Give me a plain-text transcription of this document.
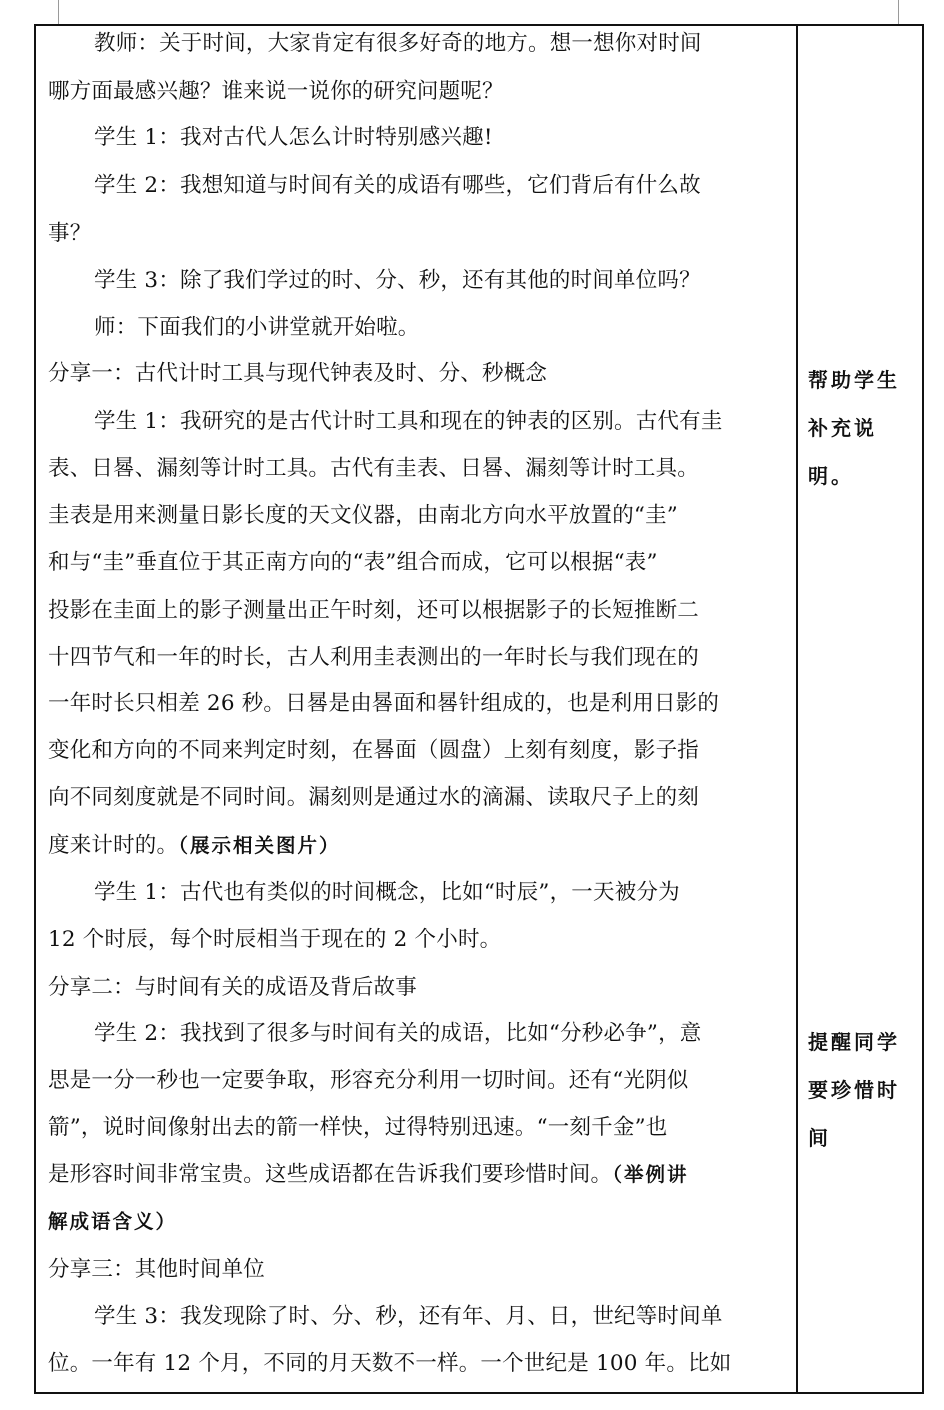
教师：关于时间，大家肯定有很多好奇的地方。想一想你对时间
哪方面最感兴趣？谁来说一说你的研究问题呢？
学生 1：我对古代人怎么计时特别感兴趣!
学生 2：我想知道与时间有关的成语有哪些，它们背后有什么故
事？
学生 3：除了我们学过的时、分、秒，还有其他的时间单位吗？
师：下面我们的小讲堂就开始啦。
分享一：古代计时工具与现代钟表及时、分、秒概念
学生 1：我研究的是古代计时工具和现在的钟表的区别。古代有圭
表、日晷、漏刻等计时工具。古代有圭表、日晷、漏刻等计时工具。
圭表是用来测量日影长度的天文仪器，由南北方向水平放置的“圭”
和与“圭”垂直位于其正南方向的“表”组合而成，它可以根据“表”
投影在圭面上的影子测量出正午时刻，还可以根据影子的长短推断二
十四节气和一年的时长，古人利用圭表测出的一年时长与我们现在的
一年时长只相差 26 秒。日晷是由晷面和晷针组成的，也是利用日影的
变化和方向的不同来判定时刻，在晷面（圆盘）上刻有刻度，影子指
向不同刻度就是不同时间。漏刻则是通过水的滴漏、读取尺子上的刻
度来计时的。（展示相关图片）
学生 1：古代也有类似的时间概念，比如“时辰”，一天被分为
12 个时辰，每个时辰相当于现在的 2 个小时。
分享二：与时间有关的成语及背后故事
学生 2：我找到了很多与时间有关的成语，比如“分秒必争”，意
思是一分一秒也一定要争取，形容充分利用一切时间。还有“光阴似
箭”，说时间像射出去的箭一样快，过得特别迅速。“一刻千金”也
是形容时间非常宝贵。这些成语都在告诉我们要珍惜时间。（举例讲
解成语含义）
分享三：其他时间单位
学生 3：我发现除了时、分、秒，还有年、月、日，世纪等时间单
位。一年有 12 个月，不同的月天数不一样。一个世纪是 100 年。比如
帮助学生
补充说
明。
提醒同学
要珍惜时
间
